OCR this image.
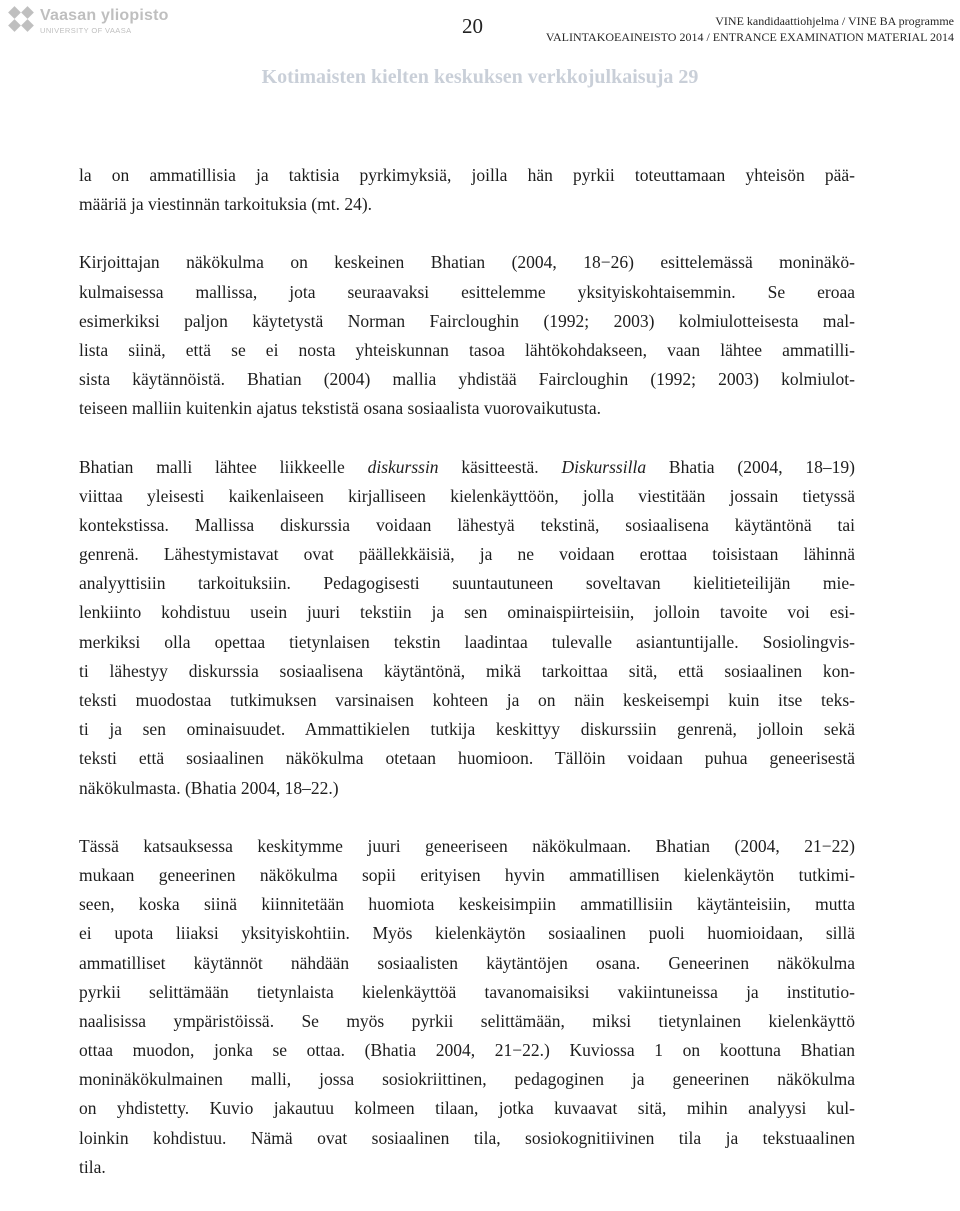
Vaasan yliopisto
UNIVERSITY OF VAASA	20	VINE kandidaattiohjelma / VINE BA programme
VALINTAKOEAINEISTO 2014 / ENTRANCE EXAMINATION MATERIAL 2014
Kotimaisten kielten keskuksen verkkojulkaisuja 29
la on ammatillisia ja taktisia pyrkimyksiä, joilla hän pyrkii toteuttamaan yhteisön pää-
määriä ja viestinnän tarkoituksia (mt. 24).
Kirjoittajan näkökulma on keskeinen Bhatian (2004, 18−26) esittelemässä moninäkö-
kulmaisessa mallissa, jota seuraavaksi esittelemme yksityiskohtaisemmin. Se eroaa
esimerkiksi paljon käytetystä Norman Faircloughin (1992; 2003) kolmiulotteisesta mal-
lista siinä, että se ei nosta yhteiskunnan tasoa lähtökohdakseen, vaan lähtee ammatilli-
sista käytännöistä. Bhatian (2004) mallia yhdistää Faircloughin (1992; 2003) kolmiulot-
teiseen malliin kuitenkin ajatus tekstistä osana sosiaalista vuorovaikutusta.
Bhatian malli lähtee liikkeelle diskurssin käsitteestä. Diskurssilla Bhatia (2004, 18–19)
viittaa yleisesti kaikenlaiseen kirjalliseen kielenkäyttöön, jolla viestitään jossain tietyssä
kontekstissa. Mallissa diskurssia voidaan lähestyä tekstinä, sosiaalisena käytäntönä tai
genrenä. Lähestymistavat ovat päällekkäisiä, ja ne voidaan erottaa toisistaan lähinnä
analyyttisiin tarkoituksiin. Pedagogisesti suuntautuneen soveltavan kielitieteilijän mie-
lenkiinto kohdistuu usein juuri tekstiin ja sen ominaispiirteisiin, jolloin tavoite voi esi-
merkiksi olla opettaa tietynlaisen tekstin laadintaa tulevalle asiantuntijalle. Sosiolingvis-
ti lähestyy diskurssia sosiaalisena käytäntönä, mikä tarkoittaa sitä, että sosiaalinen kon-
teksti muodostaa tutkimuksen varsinaisen kohteen ja on näin keskeisempi kuin itse teks-
ti ja sen ominaisuudet. Ammattikielen tutkija keskittyy diskurssiin genrenä, jolloin sekä
teksti että sosiaalinen näkökulma otetaan huomioon. Tällöin voidaan puhua geneerisestä
näkökulmasta. (Bhatia 2004, 18–22.)
Tässä katsauksessa keskitymme juuri geneeriseen näkökulmaan. Bhatian (2004, 21−22)
mukaan geneerinen näkökulma sopii erityisen hyvin ammatillisen kielenkäytön tutkimi-
seen, koska siinä kiinnitetään huomiota keskeisimpiin ammatillisiin käytänteisiin, mutta
ei upota liiaksi yksityiskohtiin. Myös kielenkäytön sosiaalinen puoli huomioidaan, sillä
ammatilliset käytännöt nähdään sosiaalisten käytäntöjen osana. Geneerinen näkökulma
pyrkii selittämään tietynlaista kielenkäyttöä tavanomaisiksi vakiintuneissa ja institutio-
naalisissa ympäristöissä. Se myös pyrkii selittämään, miksi tietynlainen kielenkäyttö
ottaa muodon, jonka se ottaa. (Bhatia 2004, 21−22.) Kuviossa 1 on koottuna Bhatian
moninäkökulmainen malli, jossa sosiokriittinen, pedagoginen ja geneerinen näkökulma
on yhdistetty. Kuvio jakautuu kolmeen tilaan, jotka kuvaavat sitä, mihin analyysi kul-
loinkin kohdistuu. Nämä ovat sosiaalinen tila, sosiokognitiivinen tila ja tekstuaalinen
tila.
